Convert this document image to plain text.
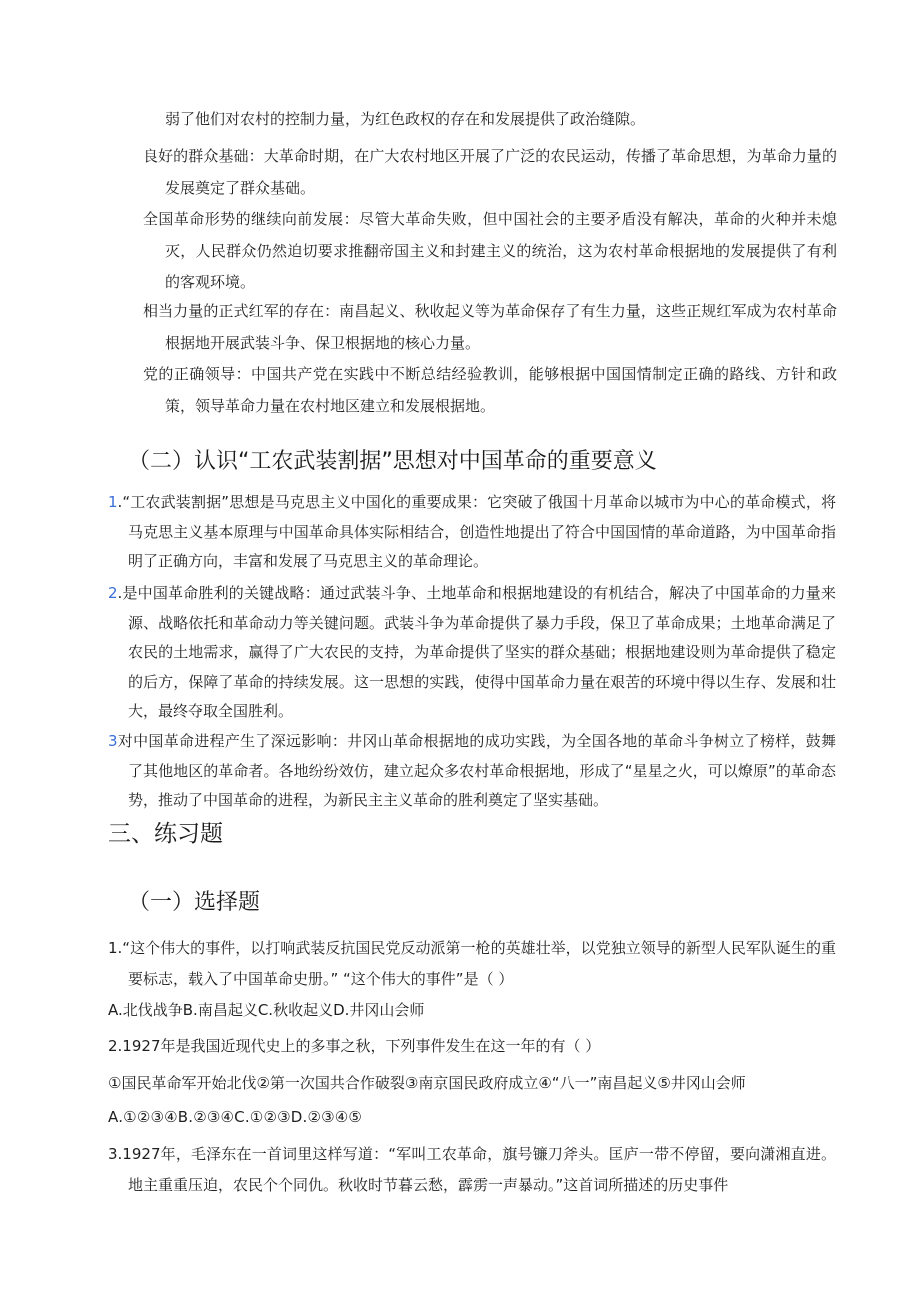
弱了他们对农村的控制力量，为红色政权的存在和发展提供了政治缝隙。

良好的群众基础：大革命时期，在广大农村地区开展了广泛的农民运动，传播了革命思想，为革命力量的发展奠定了群众基础。

全国革命形势的继续向前发展：尽管大革命失败，但中国社会的主要矛盾没有解决，革命的火种并未熄灭，人民群众仍然迫切要求推翻帝国主义和封建主义的统治，这为农村革命根据地的发展提供了有利的客观环境。

相当力量的正式红军的存在：南昌起义、秋收起义等为革命保存了有生力量，这些正规红军成为农村革命根据地开展武装斗争、保卫根据地的核心力量。

党的正确领导：中国共产党在实践中不断总结经验教训，能够根据中国国情制定正确的路线、方针和政策，领导革命力量在农村地区建立和发展根据地。

（二）认识“工农武装割据”思想对中国革命的重要意义
1.“工农武装割据”思想是马克思主义中国化的重要成果：它突破了俄国十月革命以城市为中心的革命模式，将马克思主义基本原理与中国革命具体实际相结合，创造性地提出了符合中国国情的革命道路，为中国革命指明了正确方向，丰富和发展了马克思主义的革命理论。
2.是中国革命胜利的关键战略：通过武装斗争、土地革命和根据地建设的有机结合，解决了中国革命的力量来源、战略依托和革命动力等关键问题。武装斗争为革命提供了暴力手段，保卫了革命成果；土地革命满足了农民的土地需求，赢得了广大农民的支持，为革命提供了坚实的群众基础；根据地建设则为革命提供了稳定的后方，保障了革命的持续发展。这一思想的实践，使得中国革命力量在艰苦的环境中得以生存、发展和壮大，最终夺取全国胜利。
3对中国革命进程产生了深远影响：井冈山革命根据地的成功实践，为全国各地的革命斗争树立了榜样，鼓舞了其他地区的革命者。各地纷纷效仿，建立起众多农村革命根据地，形成了“星星之火，可以燎原”的革命态势，推动了中国革命的进程，为新民主主义革命的胜利奠定了坚实基础。
三、练习题
（一）选择题

1.“这个伟大的事件，以打响武装反抗国民党反动派第一枪的英雄壮举，以党独立领导的新型人民军队诞生的重要标志，载入了中国革命史册。” “这个伟大的事件”是（ ）

A.北伐战争B.南昌起义C.秋收起义D.井冈山会师

2.1927年是我国近现代史上的多事之秋，下列事件发生在这一年的有（ ）

①国民革命军开始北伐②第一次国共合作破裂③南京国民政府成立④“八一”南昌起义⑤井冈山会师

A.①②③④B.②③④C.①②③D.②③④⑤

3.1927年，毛泽东在一首词里这样写道：“军叫工农革命，旗号镰刀斧头。匡庐一带不停留，要向潇湘直进。地主重重压迫，农民个个同仇。秋收时节暮云愁，霹雳一声暴动。”这首词所描述的历史事件
